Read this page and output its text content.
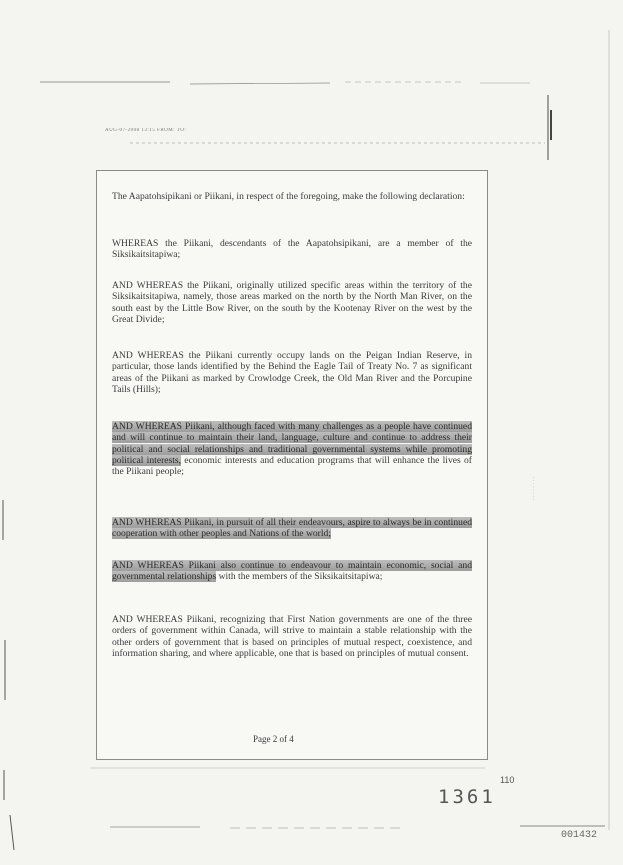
AUG-07-2008 13:15 FROM: TO:

The Aapatohsipikani or Piikani, in respect of the foregoing, make the following declaration:

WHEREAS the Piikani, descendants of the Aapatohsipikani, are a member of the Siksikaitsitapiwa;

AND WHEREAS the Piikani, originally utilized specific areas within the territory of the Siksikaitsitapiwa, namely, those areas marked on the north by the North Man River, on the south east by the Little Bow River, on the south by the Kootenay River on the west by the Great Divide;

AND WHEREAS the Piikani currently occupy lands on the Peigan Indian Reserve, in particular, those lands identified by the Behind the Eagle Tail of Treaty No. 7 as significant areas of the Piikani as marked by Crowlodge Creek, the Old Man River and the Porcupine Tails (Hills);

AND WHEREAS Piikani, although faced with many challenges as a people have continued and will continue to maintain their land, language, culture and continue to address their political and social relationships and traditional governmental systems while promoting political interests, economic interests and education programs that will enhance the lives of the Piikani people;

AND WHEREAS Piikani, in pursuit of all their endeavours, aspire to always be in continued cooperation with other peoples and Nations of the world;

AND WHEREAS Piikani also continue to endeavour to maintain economic, social and governmental relationships with the members of the Siksikaitsitapiwa;

AND WHEREAS Piikani, recognizing that First Nation governments are one of the three orders of government within Canada, will strive to maintain a stable relationship with the other orders of government that is based on principles of mutual respect, coexistence, and information sharing, and where applicable, one that is based on principles of mutual consent.

Page 2 of 4
· · · · · · · ·
110
1361
001432
